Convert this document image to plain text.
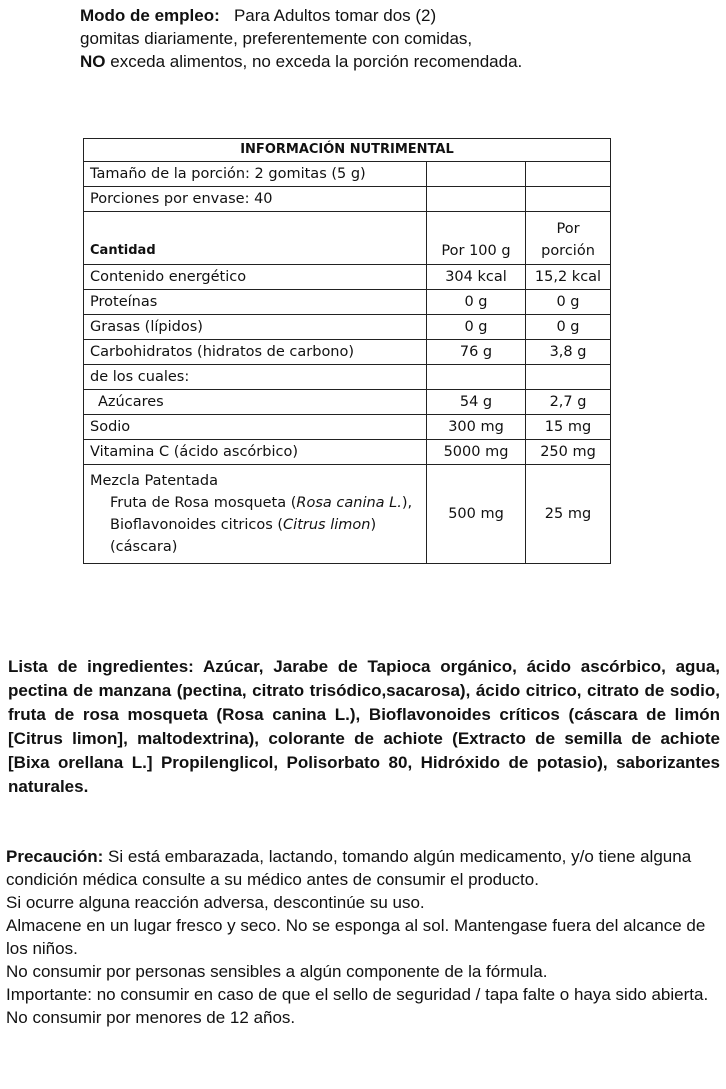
Modo de empleo: Para Adultos tomar dos (2)
gomitas diariamente, preferentemente con comidas,
NO exceda alimentos, no exceda la porción recomendada.
INFORMACIÓN NUTRIMENTAL		
Tamaño de la porción: 2 gomitas (5 g)		
Porciones por envase: 40		
Cantidad	Por 100 g	Por porción
Contenido energético	304 kcal	15,2 kcal
Proteínas	0 g	0 g
Grasas (lípidos)	0 g	0 g
Carbohidratos (hidratos de carbono)	76 g	3,8 g
de los cuales:		
Azúcares	54 g	2,7 g
Sodio	300 mg	15 mg
Vitamina C (ácido ascórbico)	5000 mg	250 mg

Mezcla Patentada
Fruta de Rosa mosqueta (Rosa canina L.), Bioflavonoides citricos (Citrus limon) (cáscara)	500 mg	25 mg
Lista de ingredientes: Azúcar, Jarabe de Tapioca orgánico, ácido ascórbico, agua, pectina de manzana (pectina, citrato trisódico,sacarosa), ácido citrico, citrato de sodio, fruta de rosa mosqueta (Rosa canina L.), Bioflavonoides críticos (cáscara de limón [Citrus limon], maltodextrina), colorante de achiote (Extracto de semilla de achiote [Bixa orellana L.] Propilenglicol, Polisorbato 80, Hidróxido de potasio), saborizantes naturales.

Precaución: Si está embarazada, lactando, tomando algún medicamento, y/o tiene alguna condición médica consulte a su médico antes de consumir el producto.

Si ocurre alguna reacción adversa, descontinúe su uso.

Almacene en un lugar fresco y seco. No se esponga al sol. Mantengase fuera del alcance de los niños.

No consumir por personas sensibles a algún componente de la fórmula.

Importante: no consumir en caso de que el sello de seguridad / tapa falte o haya sido abierta.

No consumir por menores de 12 años.
